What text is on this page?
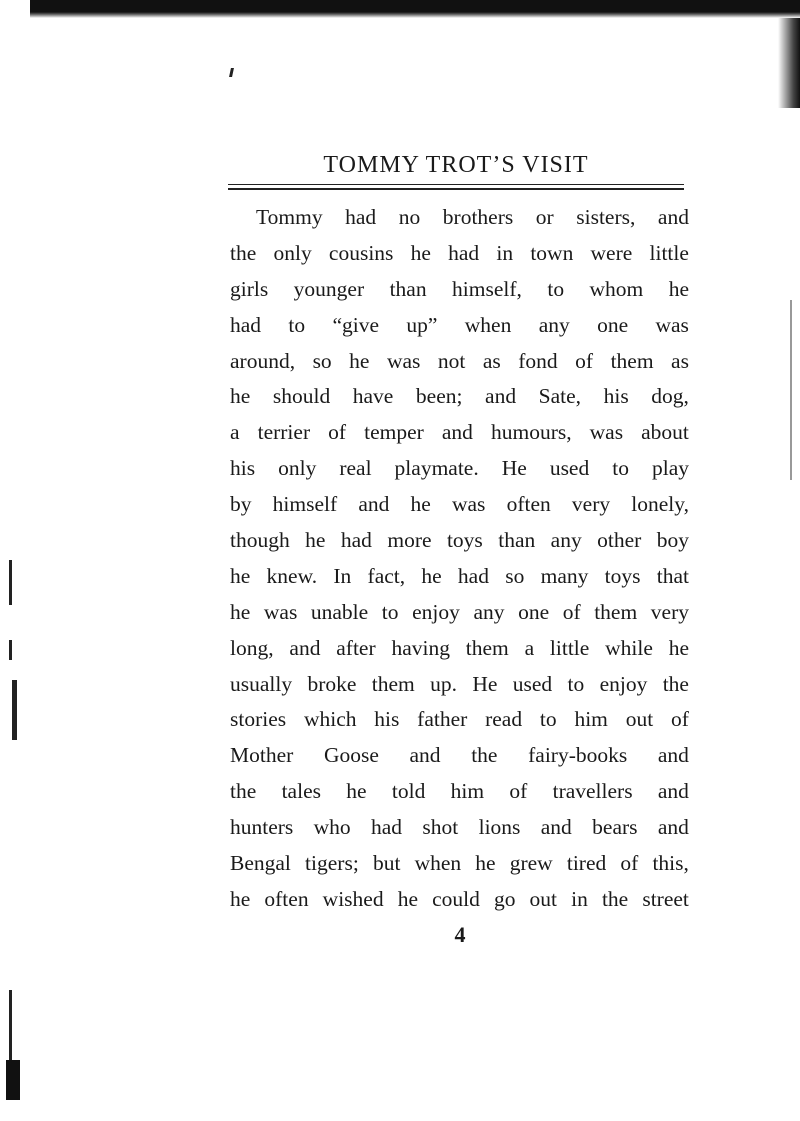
TOMMY TROT’S VISIT
Tommy had no brothers or sisters, and
the only cousins he had in town were little
girls younger than himself, to whom he
had to “give up” when any one was
around, so he was not as fond of them as
he should have been; and Sate, his dog,
a terrier of temper and humours, was about
his only real playmate. He used to play
by himself and he was often very lonely,
though he had more toys than any other boy
he knew. In fact, he had so many toys that
he was unable to enjoy any one of them very
long, and after having them a little while he
usually broke them up. He used to enjoy the
stories which his father read to him out of
Mother Goose and the fairy-books and
the tales he told him of travellers and
hunters who had shot lions and bears and
Bengal tigers; but when he grew tired of this,
he often wished he could go out in the street
4
